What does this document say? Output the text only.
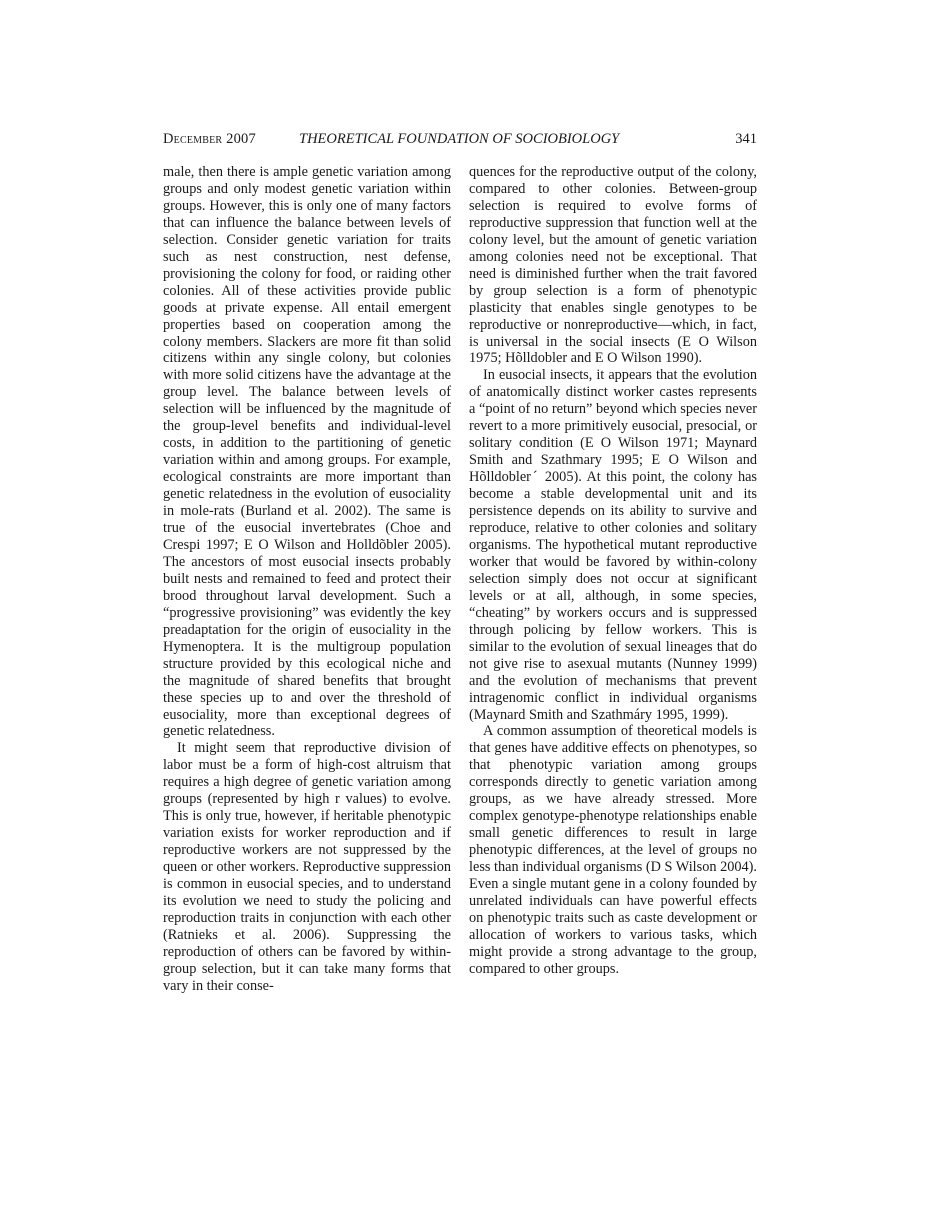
December 2007	THEORETICAL FOUNDATION OF SOCIOBIOLOGY	341

male, then there is ample genetic variation among groups and only modest genetic variation within groups. However, this is only one of many factors that can influence the balance between levels of selection. Consider genetic variation for traits such as nest construction, nest defense, provisioning the colony for food, or raiding other colonies. All of these activities provide public goods at private expense. All entail emergent properties based on cooperation among the colony members. Slackers are more fit than solid citizens within any single colony, but colonies with more solid citizens have the advantage at the group level. The balance between levels of selection will be influenced by the magnitude of the group-level benefits and individual-level costs, in addition to the partitioning of genetic variation within and among groups. For example, ecological constraints are more important than genetic relatedness in the evolution of eusociality in mole-rats (Burland et al. 2002). The same is true of the eusocial invertebrates (Choe and Crespi 1997; E O Wilson and Holldõbler 2005). The ancestors of most eusocial insects probably built nests and remained to feed and protect their brood throughout larval development. Such a “progressive provisioning” was evidently the key preadaptation for the origin of eusociality in the Hymenoptera. It is the multigroup population structure provided by this ecological niche and the magnitude of shared benefits that brought these species up to and over the threshold of eusociality, more than exceptional degrees of genetic relatedness.

It might seem that reproductive division of labor must be a form of high-cost altruism that requires a high degree of genetic variation among groups (represented by high r values) to evolve. This is only true, however, if heritable phenotypic variation exists for worker reproduction and if reproductive workers are not suppressed by the queen or other workers. Reproductive suppression is common in eusocial species, and to understand its evolution we need to study the policing and reproduction traits in conjunction with each other (Ratnieks et al. 2006). Suppressing the reproduction of others can be favored by within-group selection, but it can take many forms that vary in their conse-

quences for the reproductive output of the colony, compared to other colonies. Between-group selection is required to evolve forms of reproductive suppression that function well at the colony level, but the amount of genetic variation among colonies need not be exceptional. That need is diminished further when the trait favored by group selection is a form of phenotypic plasticity that enables single genotypes to be reproductive or nonreproductive—which, in fact, is universal in the social insects (E O Wilson 1975; Hõlldobler and E O Wilson 1990).

In eusocial insects, it appears that the evolution of anatomically distinct worker castes represents a “point of no return” beyond which species never revert to a more primitively eusocial, presocial, or solitary condition (E O Wilson 1971; Maynard Smith and Szathmary 1995; E O Wilson and Hõlldoblerˊ 2005). At this point, the colony has become a stable developmental unit and its persistence depends on its ability to survive and reproduce, relative to other colonies and solitary organisms. The hypothetical mutant reproductive worker that would be favored by within-colony selection simply does not occur at significant levels or at all, although, in some species, “cheating” by workers occurs and is suppressed through policing by fellow workers. This is similar to the evolution of sexual lineages that do not give rise to asexual mutants (Nunney 1999) and the evolution of mechanisms that prevent intragenomic conflict in individual organisms (Maynard Smith and Szathmáry 1995, 1999).

A common assumption of theoretical models is that genes have additive effects on phenotypes, so that phenotypic variation among groups corresponds directly to genetic variation among groups, as we have already stressed. More complex genotype-phenotype relationships enable small genetic differences to result in large phenotypic differences, at the level of groups no less than individual organisms (D S Wilson 2004). Even a single mutant gene in a colony founded by unrelated individuals can have powerful effects on phenotypic traits such as caste development or allocation of workers to various tasks, which might provide a strong advantage to the group, compared to other groups.
